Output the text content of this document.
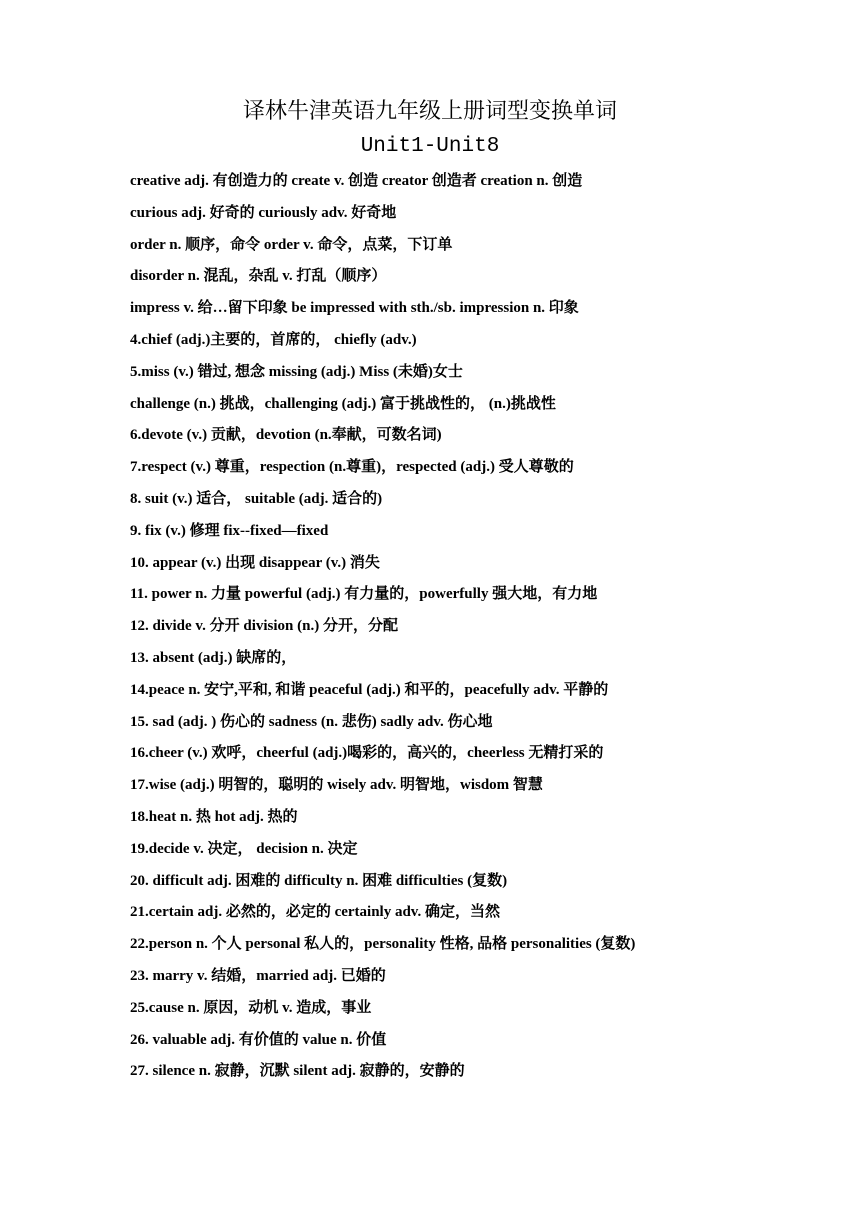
译林牛津英语九年级上册词型变换单词
Unit1-Unit8
creative adj. 有创造力的 create v. 创造 creator 创造者 creation n. 创造
curious adj. 好奇的 curiously adv. 好奇地
order n. 顺序，命令 order v. 命令，点菜，下订单
disorder n. 混乱，杂乱 v. 打乱（顺序）
impress v. 给…留下印象 be impressed with sth./sb. impression n. 印象
4.chief (adj.)主要的，首席的， chiefly (adv.)
5.miss (v.) 错过, 想念 missing (adj.) Miss (未婚)女士
challenge (n.) 挑战，challenging (adj.) 富于挑战性的， (n.)挑战性
6.devote (v.) 贡献，devotion (n.奉献，可数名词)
7.respect (v.) 尊重，respection (n.尊重)，respected (adj.) 受人尊敬的
8. suit (v.) 适合， suitable (adj. 适合的)
9. fix (v.) 修理 fix--fixed—fixed
10. appear (v.) 出现 disappear (v.) 消失
11. power n. 力量 powerful (adj.) 有力量的，powerfully 强大地，有力地
12. divide v. 分开 division (n.) 分开，分配
13. absent (adj.) 缺席的，
14.peace n. 安宁,平和, 和谐 peaceful (adj.) 和平的，peacefully adv. 平静的
15. sad (adj. ) 伤心的 sadness (n. 悲伤) sadly adv. 伤心地
16.cheer (v.) 欢呼，cheerful (adj.)喝彩的，高兴的，cheerless 无精打采的
17.wise (adj.) 明智的，聪明的 wisely adv. 明智地，wisdom 智慧
18.heat n. 热 hot adj. 热的
19.decide v. 决定， decision n. 决定
20. difficult adj. 困难的 difficulty n. 困难 difficulties (复数)
21.certain adj. 必然的，必定的 certainly adv. 确定，当然
22.person n. 个人 personal 私人的，personality 性格, 品格 personalities (复数)
23. marry v. 结婚，married adj. 已婚的
25.cause n. 原因，动机 v. 造成，事业
26. valuable adj. 有价值的 value n. 价值
27. silence n. 寂静，沉默 silent adj. 寂静的，安静的
